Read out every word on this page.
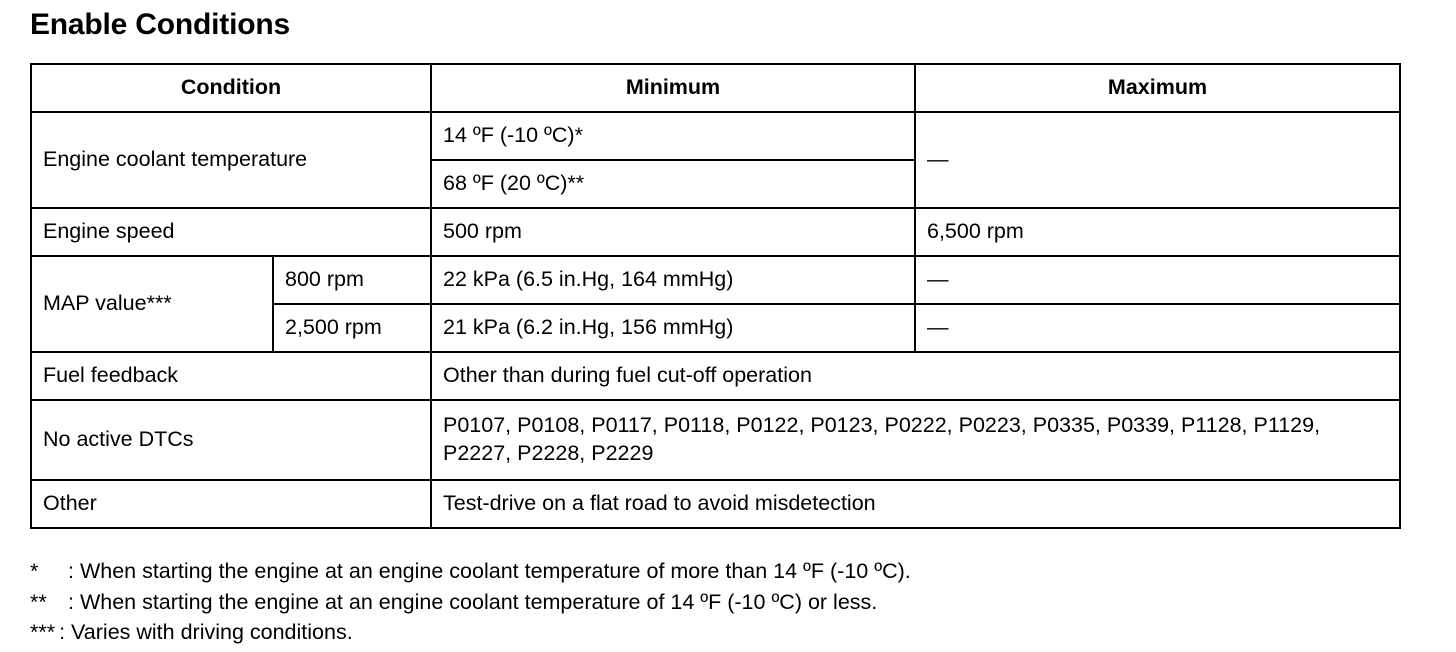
Enable Conditions
Condition		Minimum	Maximum
Engine coolant temperature		14 ºF (-10 ºC)*	—
		68 ºF (20 ºC)**	
Engine speed		500 rpm	6,500 rpm
MAP value***	800 rpm	22 kPa (6.5 in.Hg, 164 mmHg)	—
	2,500 rpm	21 kPa (6.2 in.Hg, 156 mmHg)	—
Fuel feedback		Other than during fuel cut-off operation	
No active DTCs		P0107, P0108, P0117, P0118, P0122, P0123, P0222, P0223, P0335, P0339, P1128, P1129, P2227, P2228, P2229	
Other		Test-drive on a flat road to avoid misdetection	
*	: When starting the engine at an engine coolant temperature of more than 14 ºF (-10 ºC).
** : When starting the engine at an engine coolant temperature of 14 ºF (-10 ºC) or less.
*** : Varies with driving conditions.
